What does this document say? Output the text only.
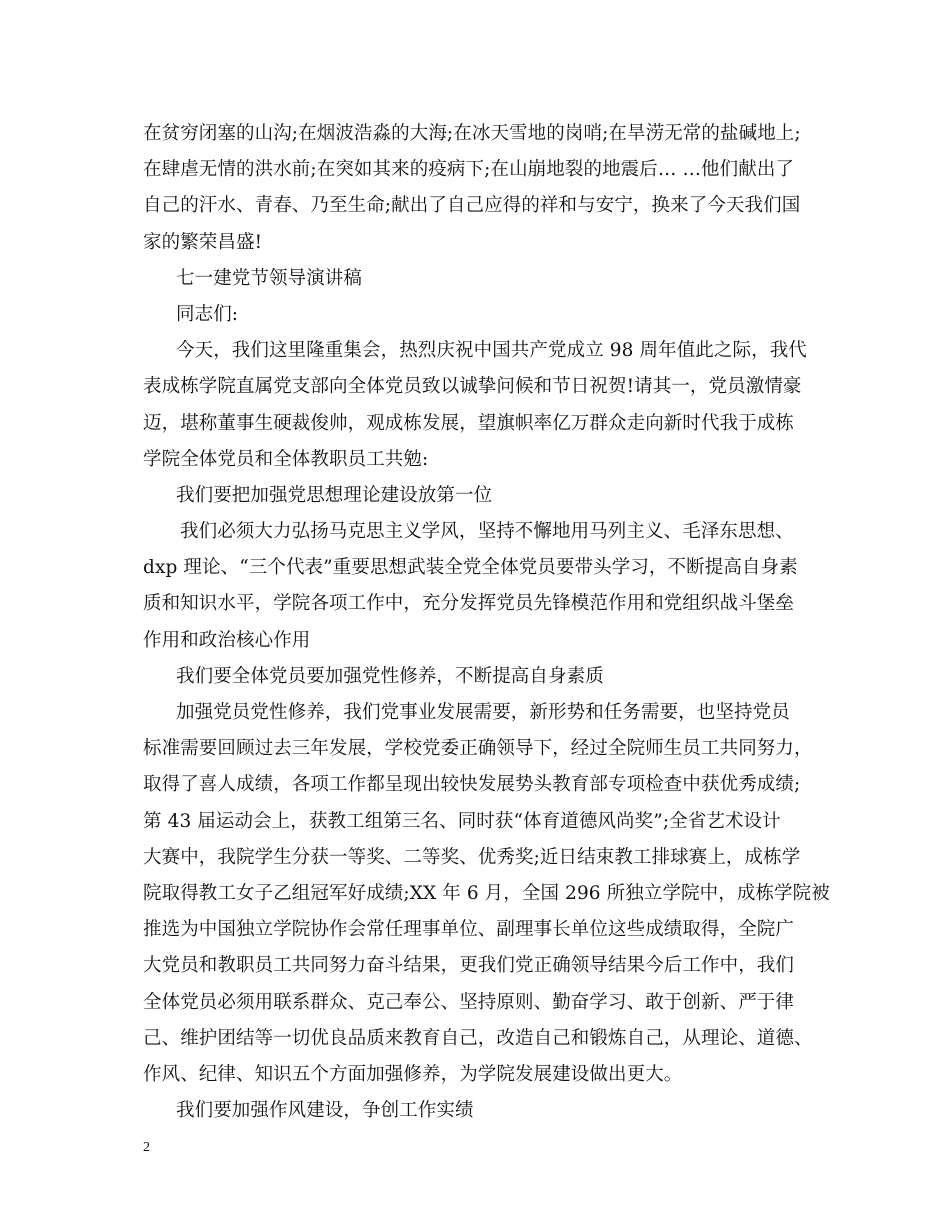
在贫穷闭塞的山沟;在烟波浩淼的大海;在冰天雪地的岗哨;在旱涝无常的盐碱地上;
在肆虐无情的洪水前;在突如其来的疫病下;在山崩地裂的地震后… …他们献出了
自己的汗水、青春、乃至生命;献出了自己应得的祥和与安宁，换来了今天我们国
家的繁荣昌盛!
七一建党节领导演讲稿
同志们:
今天，我们这里隆重集会，热烈庆祝中国共产党成立 98 周年值此之际，我代
表成栋学院直属党支部向全体党员致以诚挚问候和节日祝贺!请其一，党员激情豪
迈，堪称董事生硬裁俊帅，观成栋发展，望旗帜率亿万群众走向新时代我于成栋
学院全体党员和全体教职员工共勉:
我们要把加强党思想理论建设放第一位
我们必须大力弘扬马克思主义学风，坚持不懈地用马列主义、毛泽东思想、
dxp 理论、“三个代表”重要思想武装全党全体党员要带头学习，不断提高自身素
质和知识水平，学院各项工作中，充分发挥党员先锋模范作用和党组织战斗堡垒
作用和政治核心作用
我们要全体党员要加强党性修养，不断提高自身素质
加强党员党性修养，我们党事业发展需要，新形势和任务需要，也坚持党员
标准需要回顾过去三年发展，学校党委正确领导下，经过全院师生员工共同努力，
取得了喜人成绩，各项工作都呈现出较快发展势头教育部专项检查中获优秀成绩;
第 43 届运动会上，获教工组第三名、同时获“体育道德风尚奖”;全省艺术设计
大赛中，我院学生分获一等奖、二等奖、优秀奖;近日结束教工排球赛上，成栋学
院取得教工女子乙组冠军好成绩;XX 年 6 月，全国 296 所独立学院中，成栋学院被
推选为中国独立学院协作会常任理事单位、副理事长单位这些成绩取得，全院广
大党员和教职员工共同努力奋斗结果，更我们党正确领导结果今后工作中，我们
全体党员必须用联系群众、克己奉公、坚持原则、勤奋学习、敢于创新、严于律
己、维护团结等一切优良品质来教育自己，改造自己和锻炼自己，从理论、道德、
作风、纪律、知识五个方面加强修养，为学院发展建设做出更大。
我们要加强作风建设，争创工作实绩
2
